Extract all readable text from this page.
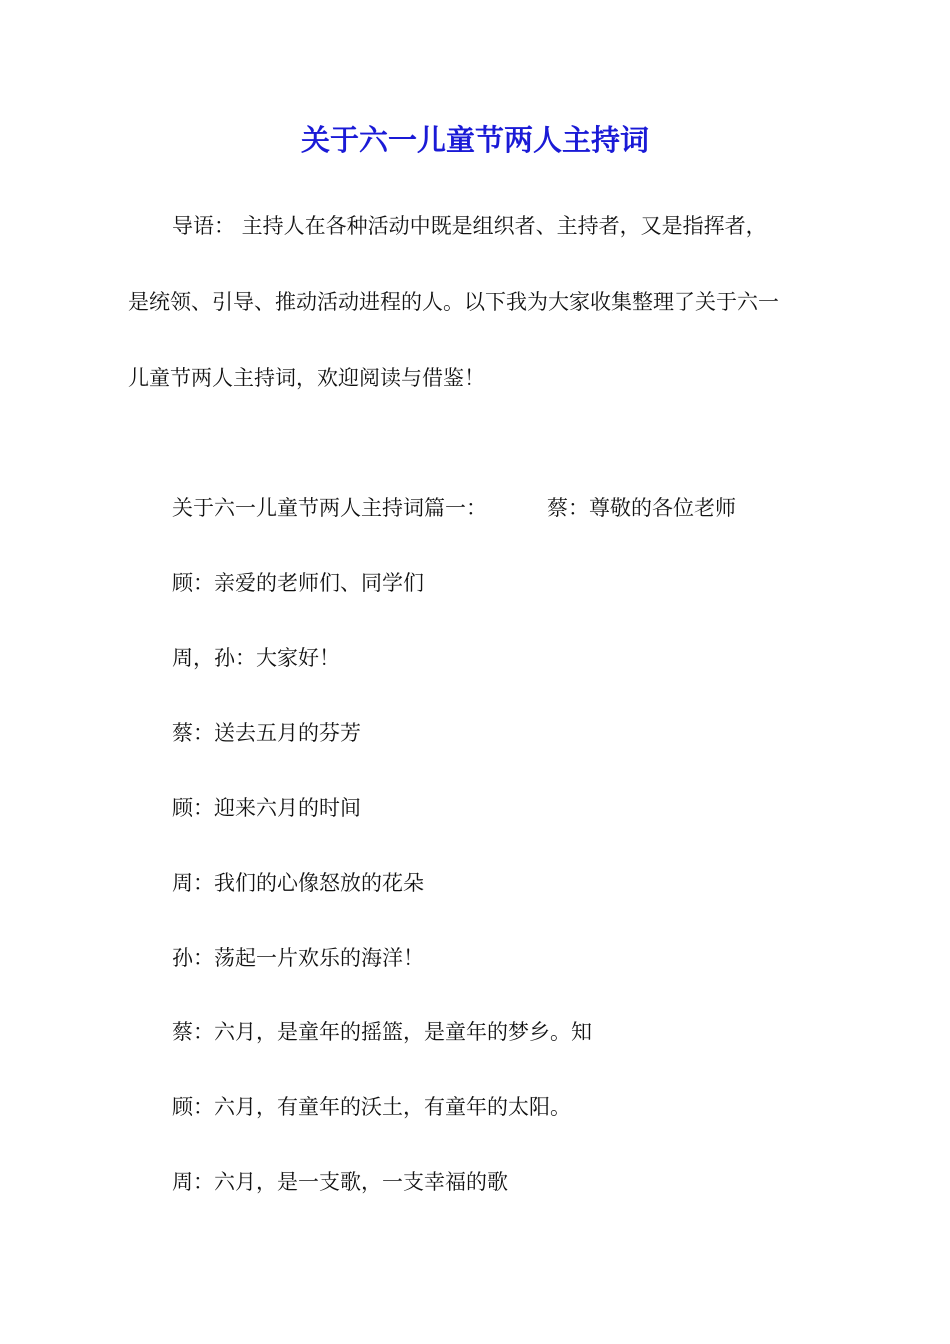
关于六一儿童节两人主持词

导语： 主持人在各种活动中既是组织者、主持者，又是指挥者，

是统领、引导、推动活动进程的人。以下我为大家收集整理了关于六一

儿童节两人主持词，欢迎阅读与借鉴！

关于六一儿童节两人主持词篇一：	蔡：尊敬的各位老师
顾：亲爱的老师们、同学们
周，孙：大家好！
蔡：送去五月的芬芳
顾：迎来六月的时间
周：我们的心像怒放的花朵
孙：荡起一片欢乐的海洋！
蔡：六月，是童年的摇篮，是童年的梦乡。知
顾：六月，有童年的沃土，有童年的太阳。
周：六月，是一支歌，一支幸福的歌
